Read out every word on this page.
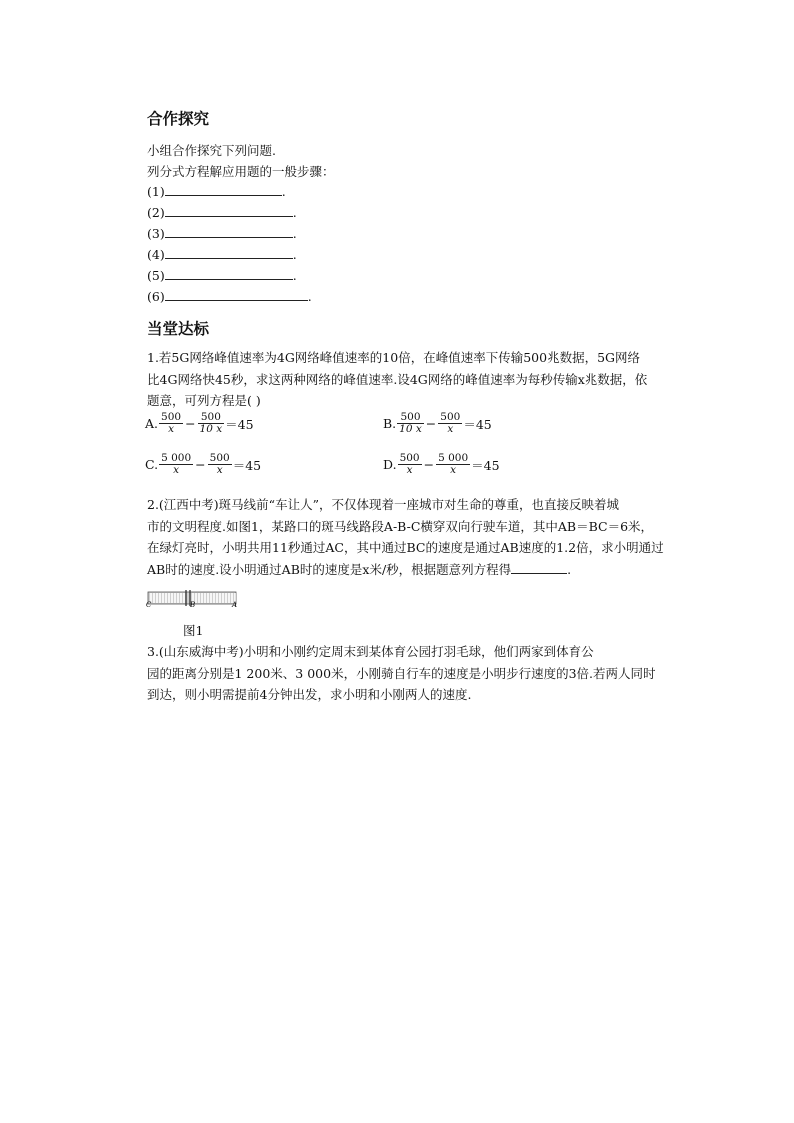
合作探究
小组合作探究下列问题.
列分式方程解应用题的一般步骤：
(1)	.
(2)	.
(3)	.
(4)	.
(5)	.
(6)	.
当堂达标
1.若5G网络峰值速率为4G网络峰值速率的10倍，在峰值速率下传输500兆数据，5G网络
比4G网络快45秒，求这两种网络的峰值速率.设4G网络的峰值速率为每秒传输x兆数据，依
题意，可列方程是( )
A. $\frac{500}{x} - \frac{500}{10 x} =45$	B. $\frac{500}{10 x} - \frac{500}{x} =45$
C. $\frac{5 000}{x} - \frac{500}{x} =45$	D. $\frac{500}{x} - \frac{5 000}{x} =45$
2.(江西中考)斑马线前“车让人”，不仅体现着一座城市对生命的尊重，也直接反映着城
市的文明程度.如图1，某路口的斑马线路段A-B-C横穿双向行驶车道，其中AB＝BC＝6米，
在绿灯亮时，小明共用11秒通过AC，其中通过BC的速度是通过AB速度的1.2倍，求小明通过
AB时的速度.设小明通过AB时的速度是x米/秒，根据题意列方程得	.
C	B	A
图1
3.(山东威海中考)小明和小刚约定周末到某体育公园打羽毛球，他们两家到体育公
园的距离分别是1 200米、3 000米，小刚骑自行车的速度是小明步行速度的3倍.若两人同时
到达，则小明需提前4分钟出发，求小明和小刚两人的速度.
